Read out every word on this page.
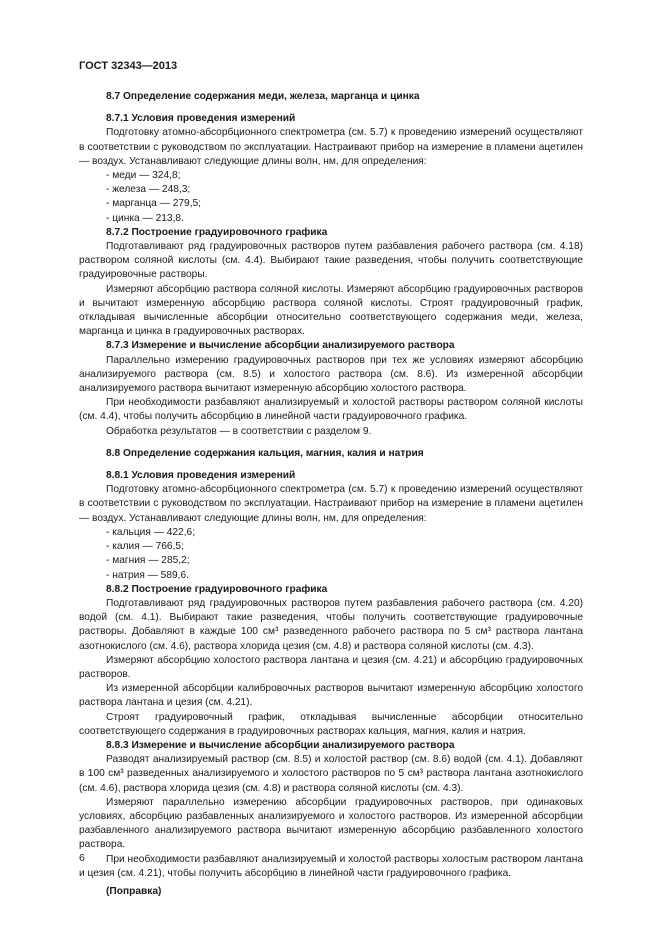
ГОСТ 32343—2013

8.7 Определение содержания меди, железа, марганца и цинка

8.7.1 Условия проведения измерений

Подготовку атомно-абсорбционного спектрометра (см. 5.7) к проведению измерений осуществляют в соответствии с руководством по эксплуатации. Настраивают прибор на измерение в пламени ацетилен — воздух. Устанавливают следующие длины волн, нм, для определения:

- меди — 324,8;

- железа — 248,3;

- марганца — 279,5;

- цинка — 213,8.

8.7.2 Построение градуировочного графика

Подготавливают ряд градуировочных растворов путем разбавления рабочего раствора (см. 4.18) раствором соляной кислоты (см. 4.4). Выбирают такие разведения, чтобы получить соответствующие градуировочные растворы.

Измеряют абсорбцию раствора соляной кислоты. Измеряют абсорбцию градуировочных растворов и вычитают измеренную абсорбцию раствора соляной кислоты. Строят градуировочный график, откладывая вычисленные абсорбции относительно соответствующего содержания меди, железа, марганца и цинка в градуировочных растворах.

8.7.3 Измерение и вычисление абсорбции анализируемого раствора

Параллельно измерению градуировочных растворов при тех же условиях измеряют абсорбцию анализируемого раствора (см. 8.5) и холостого раствора (см. 8.6). Из измеренной абсорбции анализируемого раствора вычитают измеренную абсорбцию холостого раствора.

При необходимости разбавляют анализируемый и холостой растворы раствором соляной кислоты (см. 4.4), чтобы получить абсорбцию в линейной части градуировочного графика.

Обработка результатов — в соответствии с разделом 9.

8.8 Определение содержания кальция, магния, калия и натрия

8.8.1 Условия проведения измерений

Подготовку атомно-абсорбционного спектрометра (см. 5.7) к проведению измерений осуществляют в соответствии с руководством по эксплуатации. Настраивают прибор на измерение в пламени ацетилен — воздух. Устанавливают следующие длины волн, нм, для определения:

- кальция — 422,6;

- калия — 766,5;

- магния — 285,2;

- натрия — 589,6.

8.8.2 Построение градуировочного графика

Подготавливают ряд градуировочных растворов путем разбавления рабочего раствора (см. 4.20) водой (см. 4.1). Выбирают такие разведения, чтобы получить соответствующие градуировочные растворы. Добавляют в каждые 100 см³ разведенного рабочего раствора по 5 см³ раствора лантана азотнокислого (см. 4.6), раствора хлорида цезия (см. 4.8) и раствора соляной кислоты (см. 4.3).

Измеряют абсорбцию холостого раствора лантана и цезия (см. 4.21) и абсорбцию градуировочных растворов.

Из измеренной абсорбции калибровочных растворов вычитают измеренную абсорбцию холостого раствора лантана и цезия (см. 4.21).

Строят градуировочный график, откладывая вычисленные абсорбции относительно соответствующего содержания в градуировочных растворах кальция, магния, калия и натрия.

8.8.3 Измерение и вычисление абсорбции анализируемого раствора

Разводят анализируемый раствор (см. 8.5) и холостой раствор (см. 8.6) водой (см. 4.1). Добавляют в 100 см³ разведенных анализируемого и холостого растворов по 5 см³ раствора лантана азотнокислого (см. 4.6), раствора хлорида цезия (см. 4.8) и раствора соляной кислоты (см. 4.3).

Измеряют параллельно измерению абсорбции градуировочных растворов, при одинаковых условиях, абсорбцию разбавленных анализируемого и холостого растворов. Из измеренной абсорбции разбавленного анализируемого раствора вычитают измеренную абсорбцию разбавленного холостого раствора.

При необходимости разбавляют анализируемый и холостой растворы холостым раствором лантана и цезия (см. 4.21), чтобы получить абсорбцию в линейной части градуировочного графика.

(Поправка)

6
